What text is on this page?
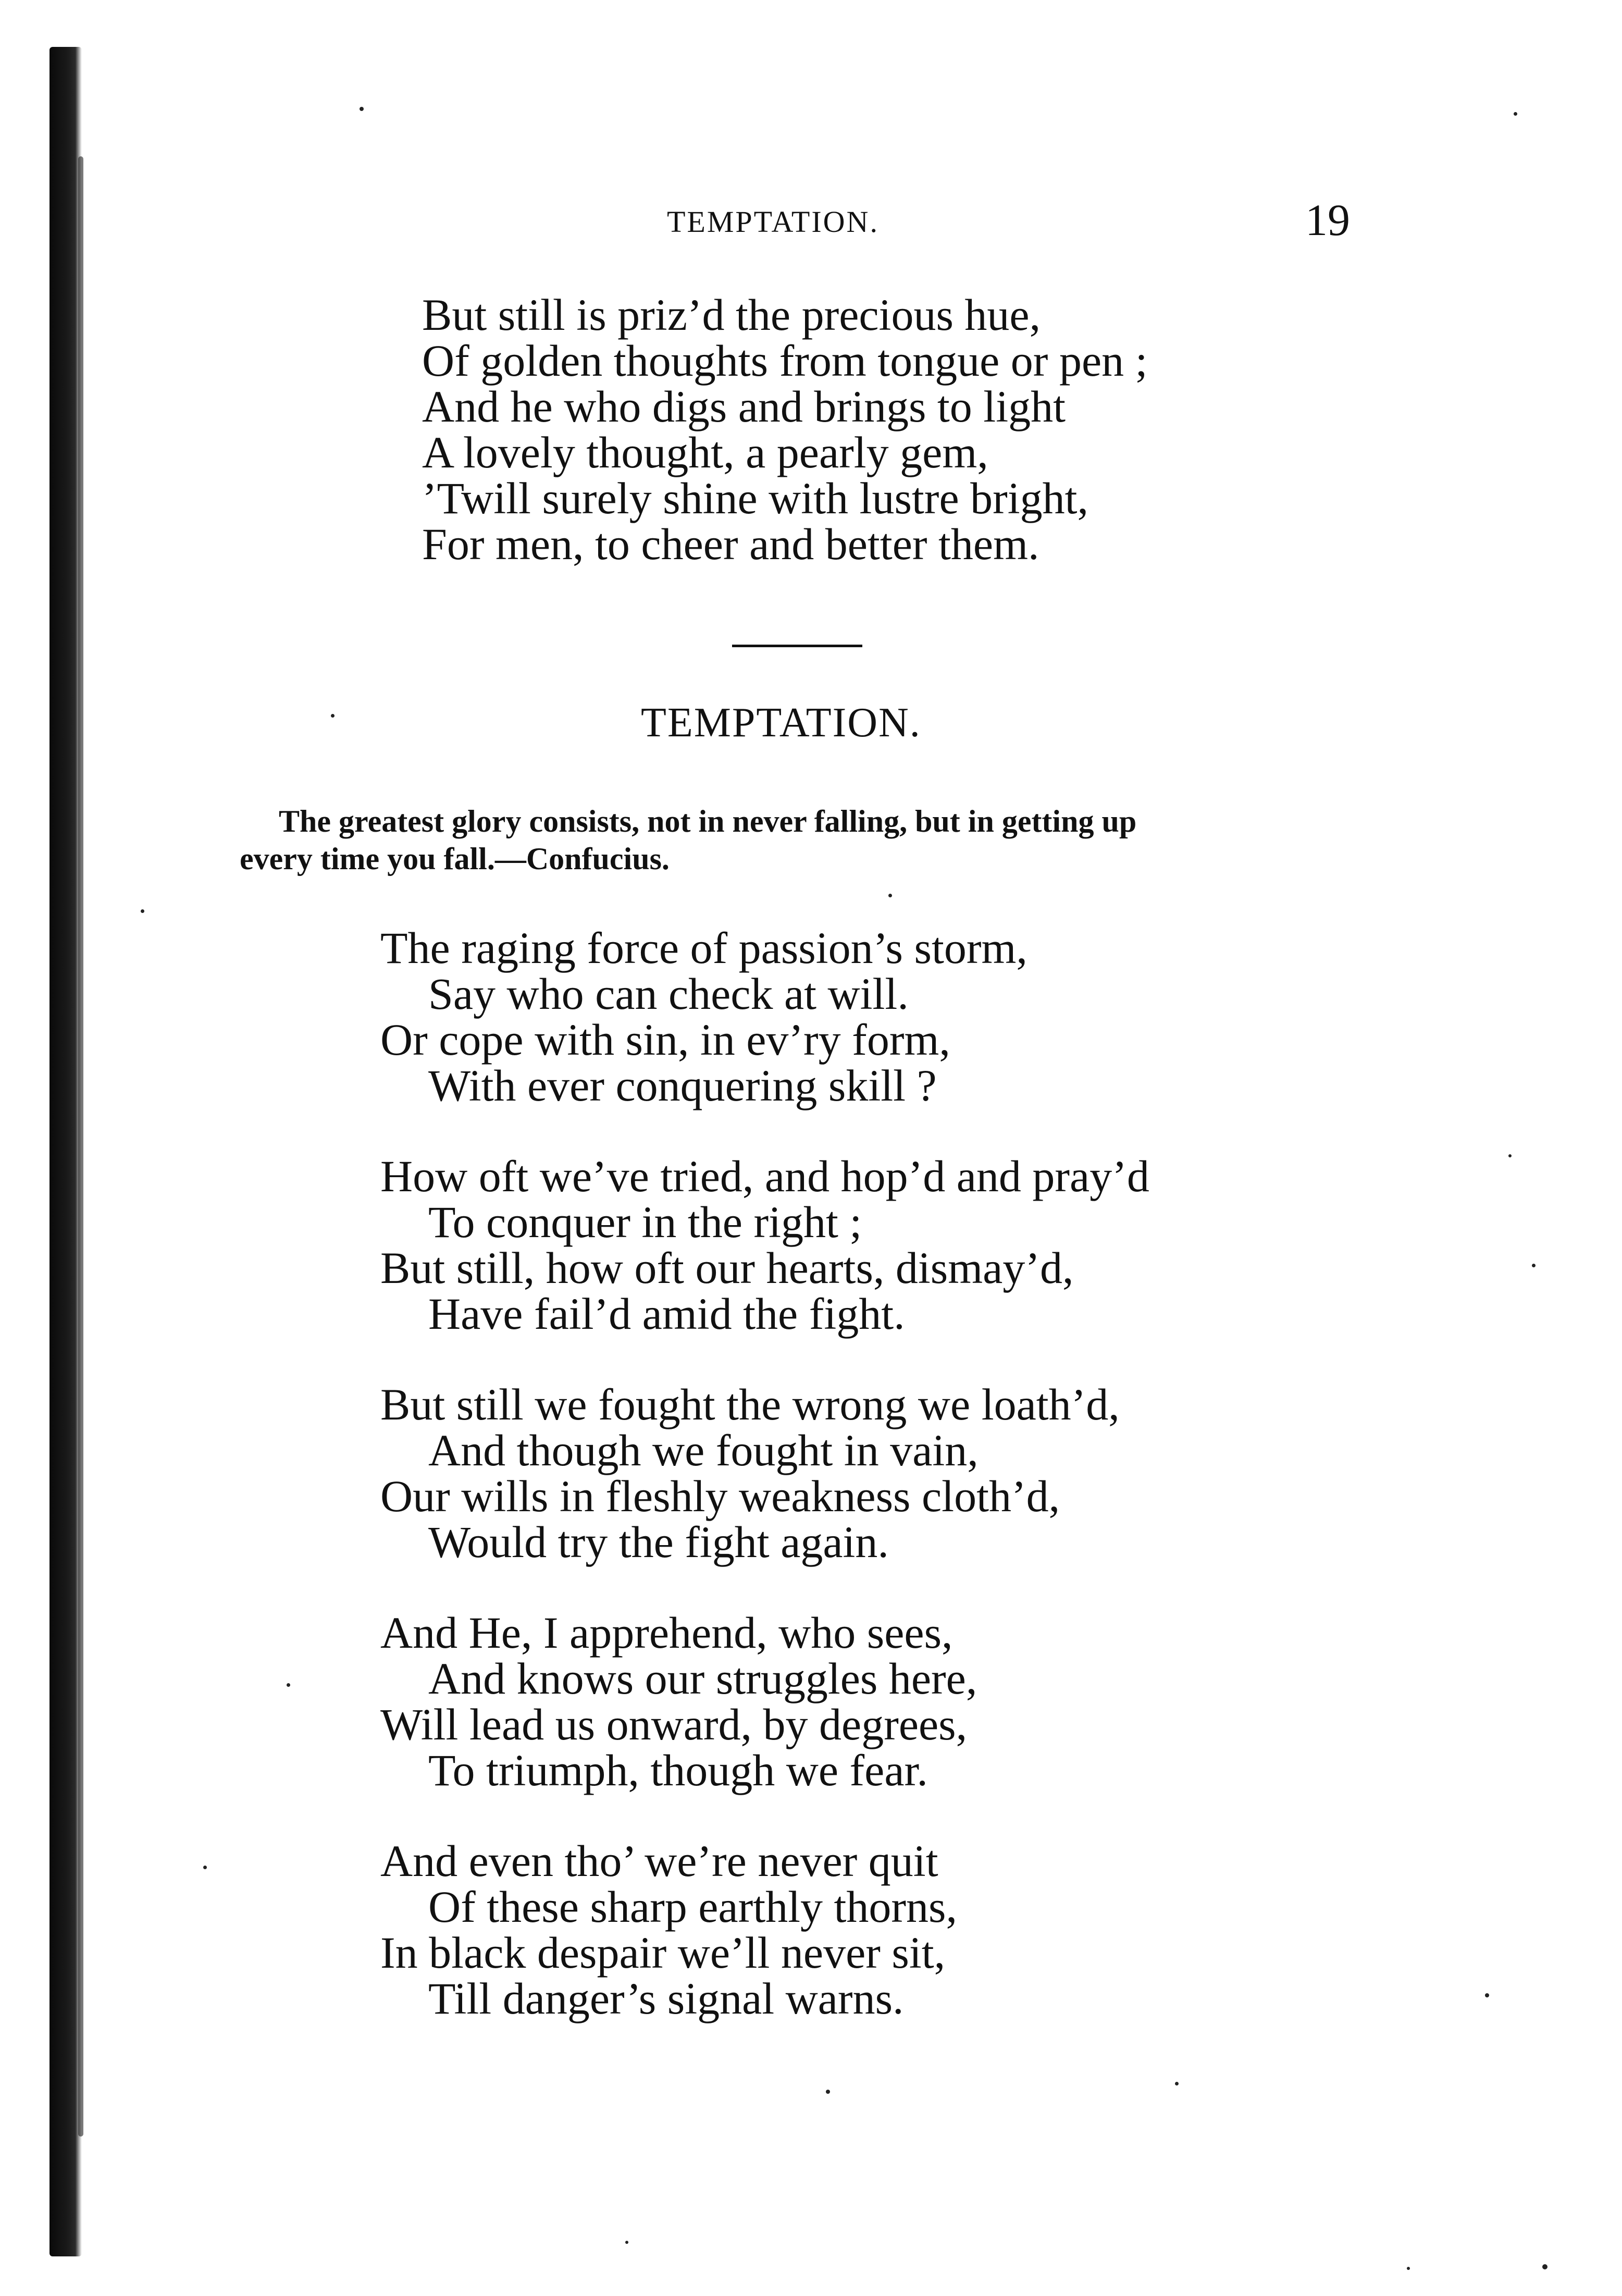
TEMPTATION.	19
But still is priz’d the precious hue,
Of golden thoughts from tongue or pen ;
And he who digs and brings to light
A lovely thought, a pearly gem,
’Twill surely shine with lustre bright,
For men, to cheer and better them.
TEMPTATION.
The greatest glory consists, not in never falling, but in getting up
every time you fall.—Confucius.
The raging force of passion’s storm,
Say who can check at will.
Or cope with sin, in ev’ry form,
With ever conquering skill ?
How oft we’ve tried, and hop’d and pray’d
To conquer in the right ;
But still, how oft our hearts, dismay’d,
Have fail’d amid the fight.
But still we fought the wrong we loath’d,
And though we fought in vain,
Our wills in fleshly weakness cloth’d,
Would try the fight again.
And He, I apprehend, who sees,
And knows our struggles here,
Will lead us onward, by degrees,
To triumph, though we fear.
And even tho’ we’re never quit
Of these sharp earthly thorns,
In black despair we’ll never sit,
Till danger’s signal warns.
